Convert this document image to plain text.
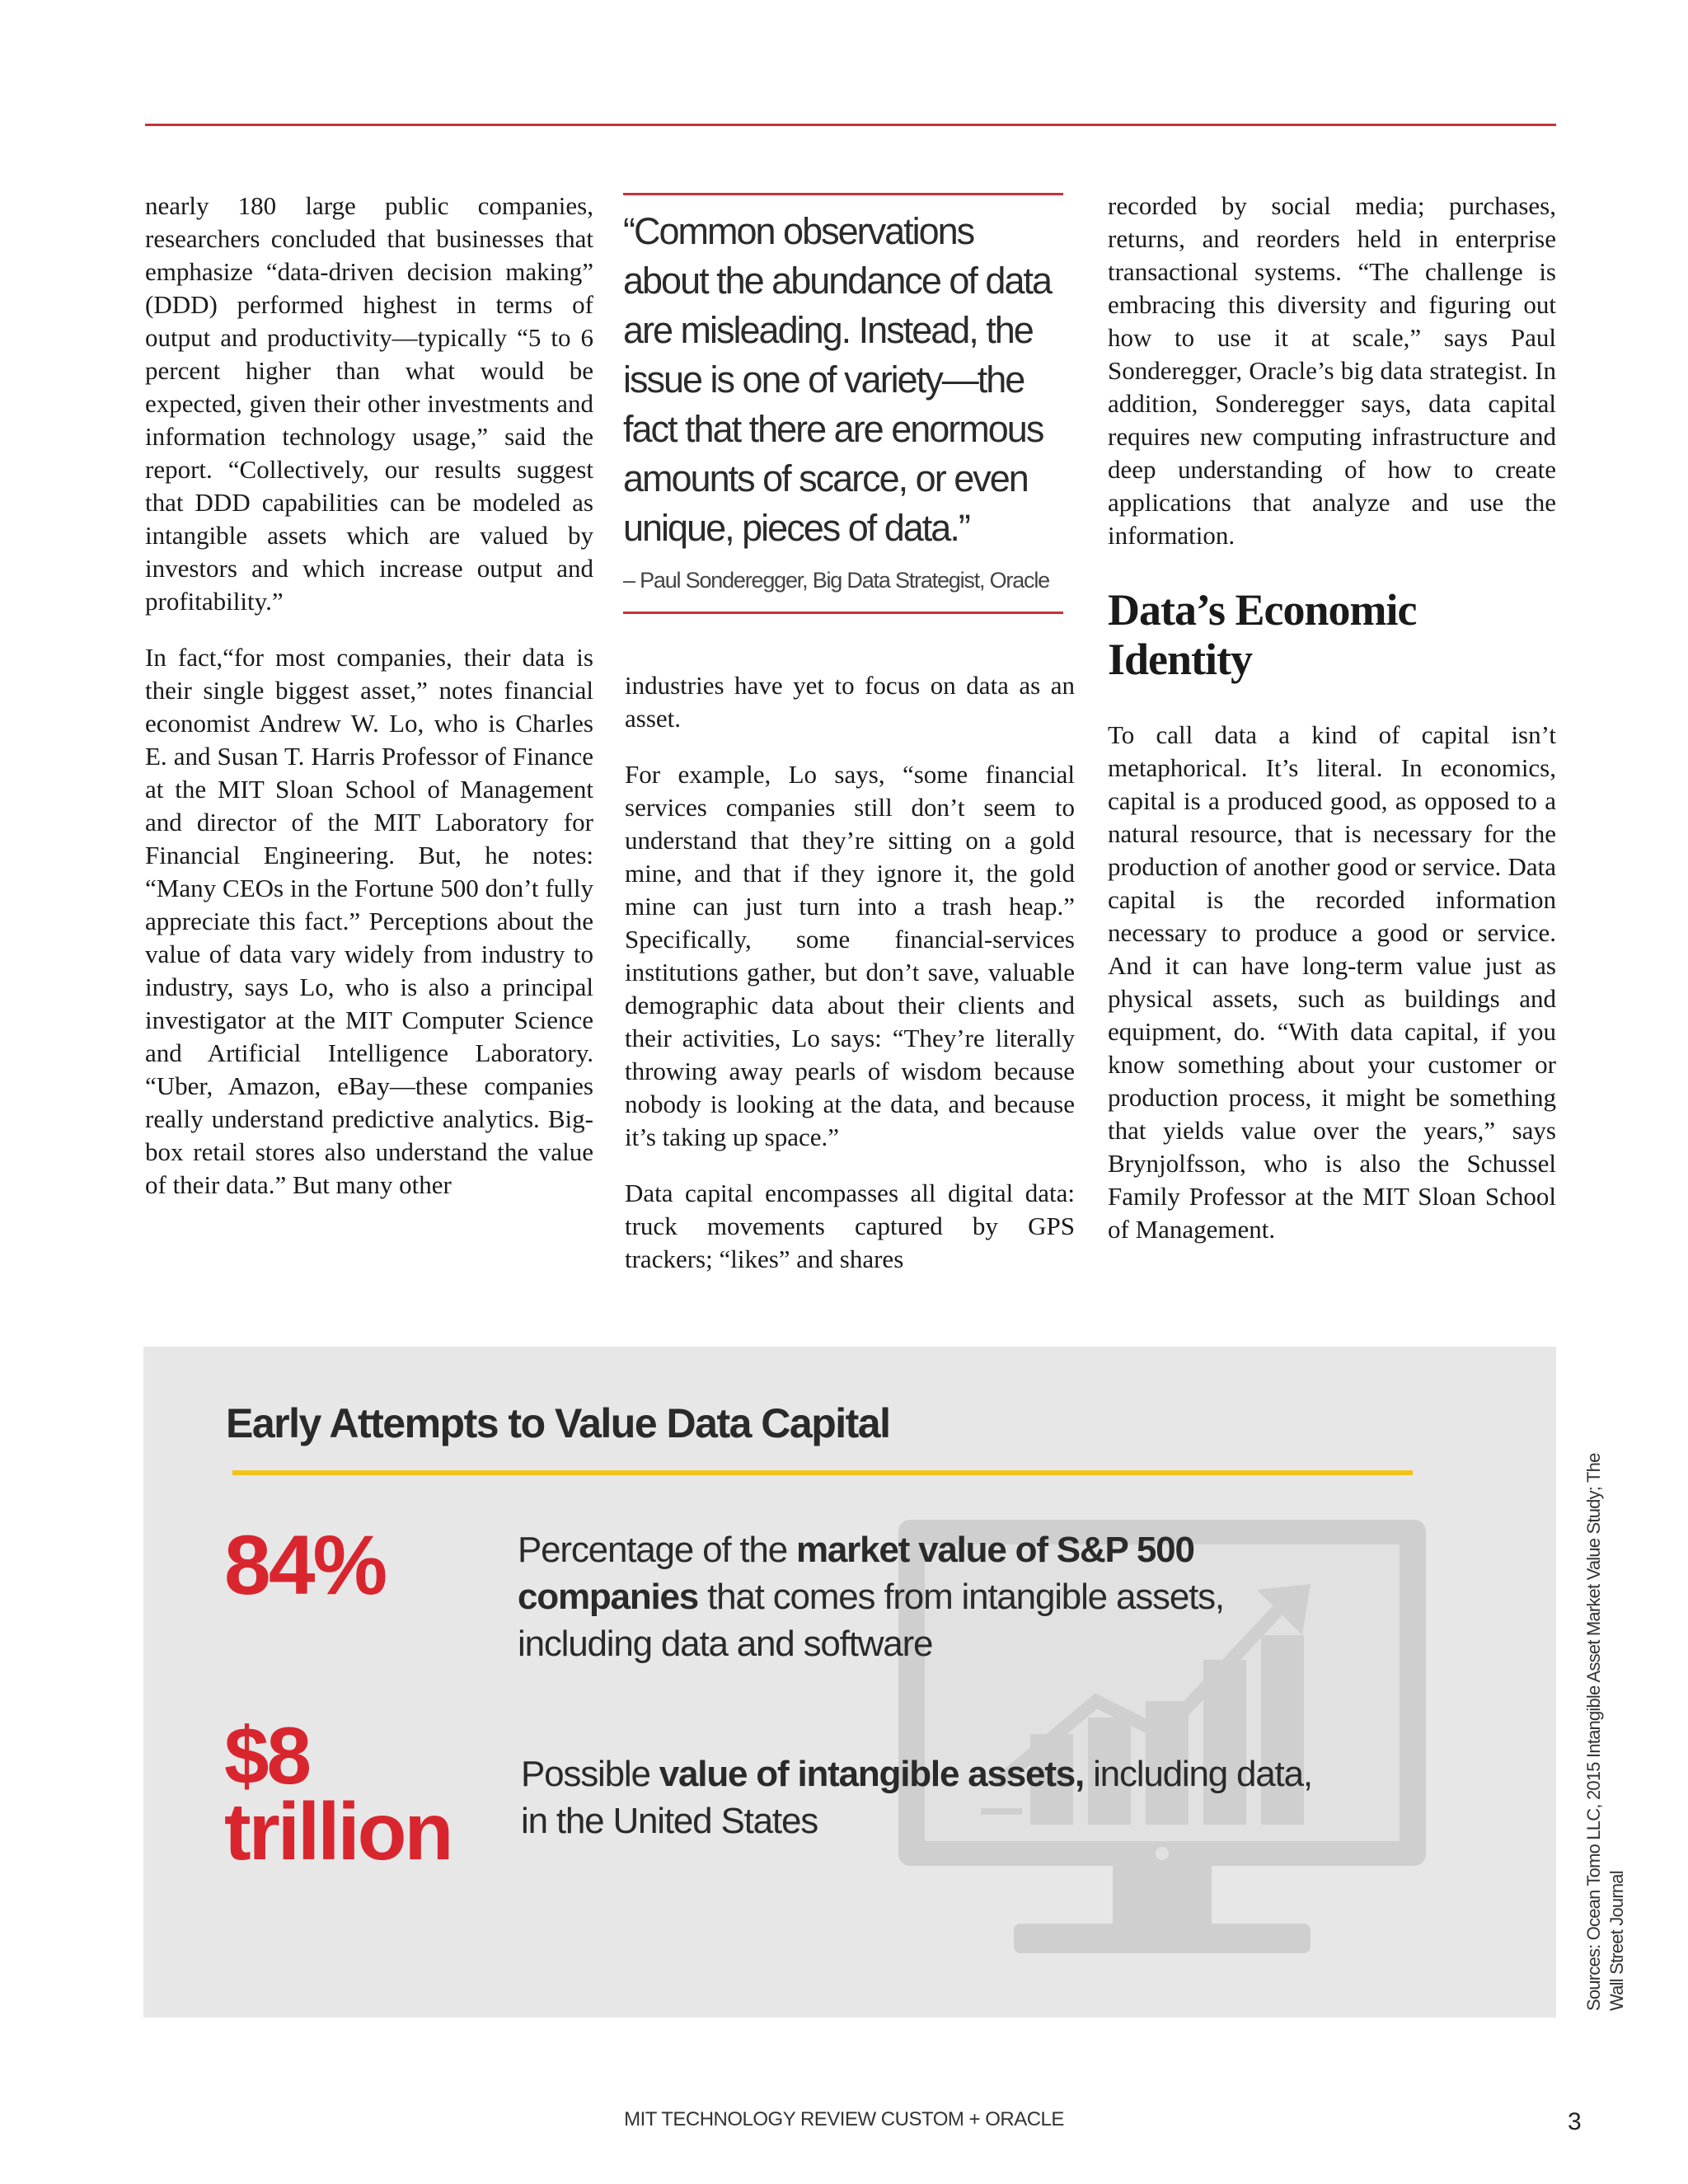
nearly 180 large public companies, researchers concluded that businesses that emphasize “data-driven decision making” (DDD) performed highest in terms of output and productivity—typically “5 to 6 percent higher than what would be expected, given their other investments and information technology usage,” said the report. “Collectively, our results suggest that DDD capabilities can be modeled as intangible assets which are valued by investors and which increase output and profitability.”

In fact,“for most companies, their data is their single biggest asset,” notes financial economist Andrew W. Lo, who is Charles E. and Susan T. Harris Professor of Finance at the MIT Sloan School of Management and director of the MIT Laboratory for Financial Engineering. But, he notes: “Many CEOs in the Fortune 500 don’t fully appreciate this fact.” Perceptions about the value of data vary widely from industry to industry, says Lo, who is also a principal investigator at the MIT Computer Science and Artificial Intelligence Laboratory. “Uber, Amazon, eBay—these companies really understand predictive analytics. Big-box retail stores also understand the value of their data.” But many other

“Common observations about the abundance of data are misleading. Instead, the issue is one of variety—the fact that there are enormous amounts of scarce, or even unique, pieces of data.”

– Paul Sonderegger, Big Data Strategist, Oracle

industries have yet to focus on data as an asset.

For example, Lo says, “some financial services companies still don’t seem to understand that they’re sitting on a gold mine, and that if they ignore it, the gold mine can just turn into a trash heap.” Specifically, some financial-services institutions gather, but don’t save, valuable demographic data about their clients and their activities, Lo says: “They’re literally throwing away pearls of wisdom because nobody is looking at the data, and because it’s taking up space.”

Data capital encompasses all digital data: truck movements captured by GPS trackers; “likes” and shares

recorded by social media; purchases, returns, and reorders held in enterprise transactional systems. “The challenge is embracing this diversity and figuring out how to use it at scale,” says Paul Sonderegger, Oracle’s big data strategist. In addition, Sonderegger says, data capital requires new computing infrastructure and deep understanding of how to create applications that analyze and use the information.

Data’s Economic Identity

To call data a kind of capital isn’t metaphorical. It’s literal. In economics, capital is a produced good, as opposed to a natural resource, that is necessary for the production of another good or service. Data capital is the recorded information necessary to produce a good or service. And it can have long-term value just as physical assets, such as buildings and equipment, do. “With data capital, if you know something about your customer or production process, it might be something that yields value over the years,” says Brynjolfsson, who is also the Schussel Family Professor at the MIT Sloan School of Management.

Early Attempts to Value Data Capital
84%	Percentage of the market value of S&P 500 companies that comes from intangible assets, including data and software
$8
trillion
Possible value of intangible assets, including data, in the United States	Sources: Ocean Tomo LLC, 2015 Intangible Asset Market Value Study; The Wall Street Journal
MIT TECHNOLOGY REVIEW CUSTOM + ORACLE	3
